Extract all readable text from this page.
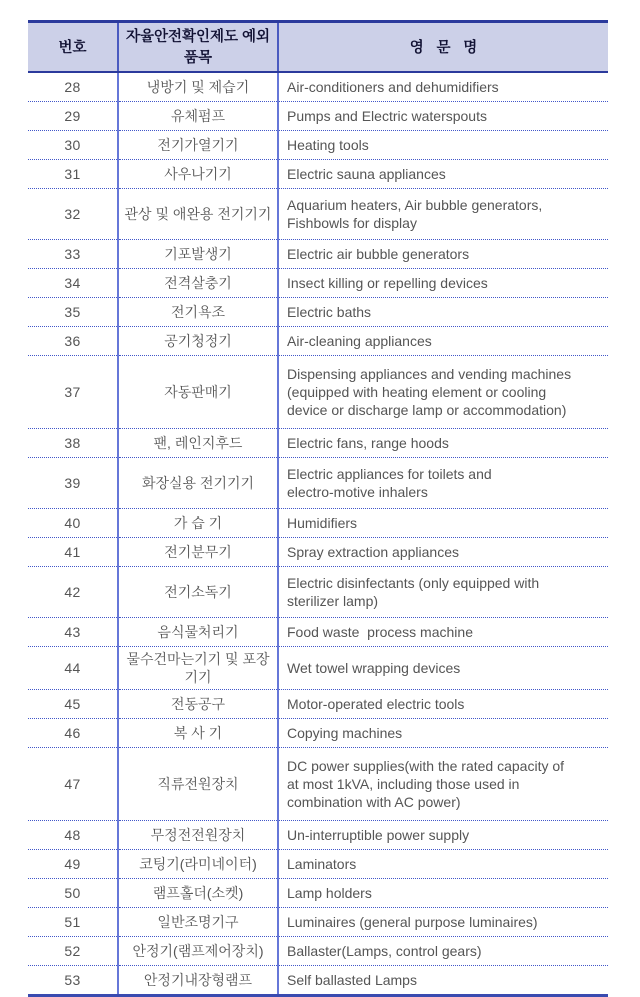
번호	자율안전확인제도 예외품목	영 문 명
28	냉방기 및 제습기	Air-conditioners and dehumidifiers

29	유체펌프	Pumps and Electric waterspouts

30	전기가열기기	Heating tools

31	사우나기기	Electric sauna appliances

32	관상 및 애완용 전기기기	Aquarium heaters, Air bubble generators,
Fishbowls for display

33	기포발생기	Electric air bubble generators

34	전격살충기	Insect killing or repelling devices

35	전기욕조	Electric baths

36	공기청정기	Air-cleaning appliances

37	자동판매기	Dispensing appliances and vending machines
(equipped with heating element or cooling
device or discharge lamp or accommodation)

38	팬, 레인지후드	Electric fans, range hoods

39	화장실용 전기기기	Electric appliances for toilets and
electro-motive inhalers

40	가 습 기	Humidifiers

41	전기분무기	Spray extraction appliances

42	전기소독기	Electric disinfectants (only equipped with
sterilizer lamp)

43	음식물처리기	Food waste  process machine

44	물수건마는기기 및 포장기기	Wet towel wrapping devices

45	전동공구	Motor-operated electric tools

46	복 사 기	Copying machines

47	직류전원장치	DC power supplies(with the rated capacity of
at most 1kVA, including those used in
combination with AC power)

48	무정전전원장치	Un-interruptible power supply

49	코팅기(라미네이터)	Laminators

50	램프홀더(소켓)	Lamp holders

51	일반조명기구	Luminaires (general purpose luminaires)

52	안정기(램프제어장치)	Ballaster(Lamps, control gears)

53	안정기내장형램프	Self ballasted Lamps
